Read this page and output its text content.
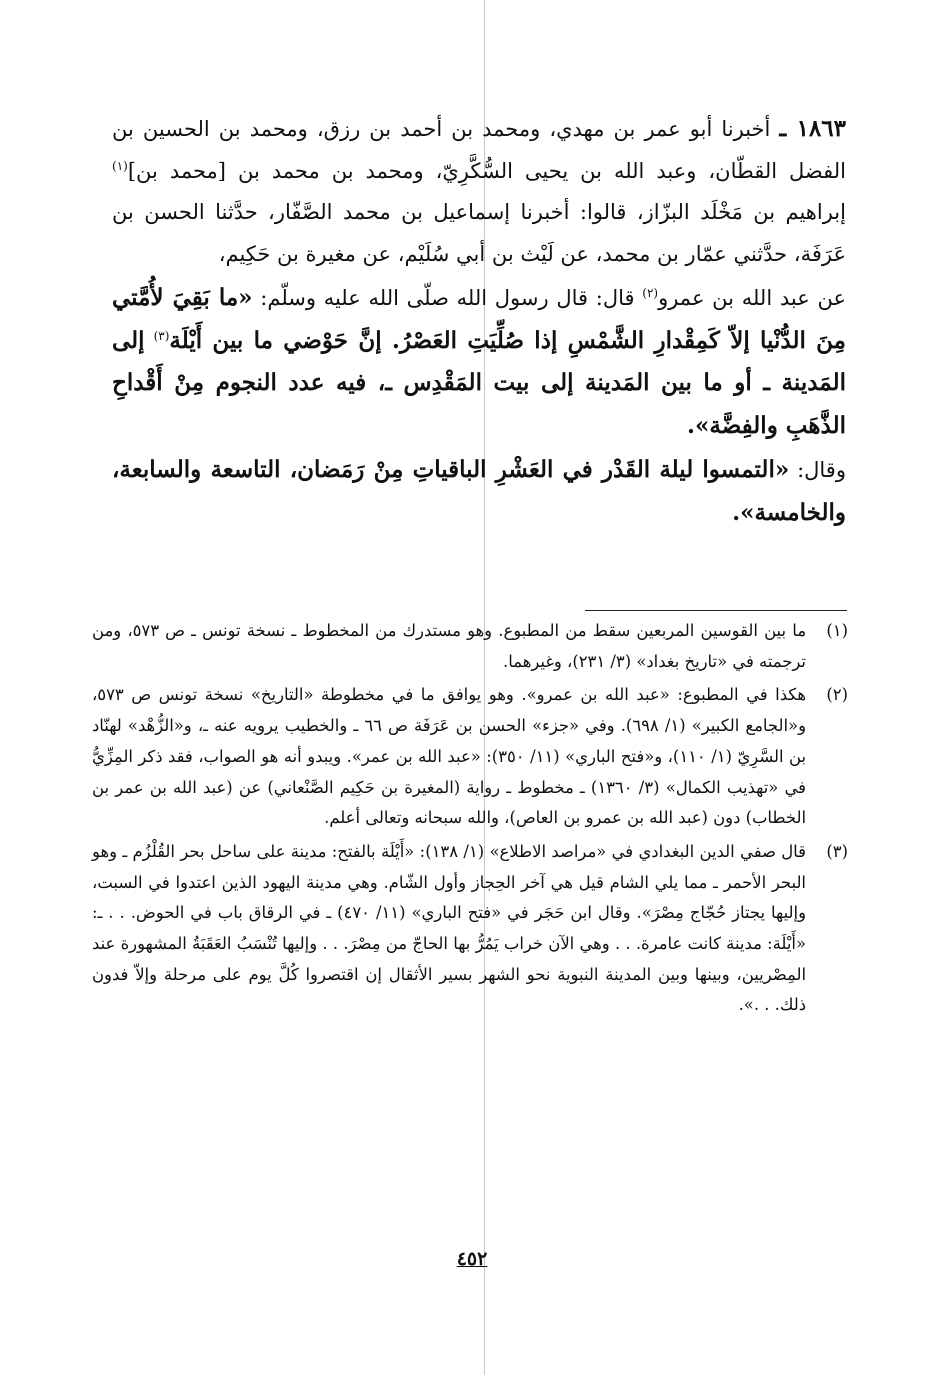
١٨٦٣ ـ أخبرنا أبو عمر بن مهدي، ومحمد بن أحمد بن رزق، ومحمد بن الحسين بن الفضل القطّان، وعبد الله بن يحيى السُّكَّرِيّ، ومحمد بن محمد بن [محمد بن]$^{(١)}$ إبراهيم بن مَخْلَد البزّاز، قالوا: أخبرنا إسماعيل بن محمد الصَّفّار، حدَّثنا الحسن بن عَرَفَة، حدَّثني عمّار بن محمد، عن لَيْث بن أبي سُلَيْم، عن مغيرة بن حَكِيم،

عن عبد الله بن عمرو$^{(٢)}$ قال: قال رسول الله صلّى الله عليه وسلّم: «ما بَقِيَ لأُمَّتي مِنَ الدُّنْيا إلاّ كَمِقْدارِ الشَّمْسِ إذا صُلِّيَتِ العَصْرُ. إنَّ حَوْضي ما بين أَيْلَة$^{(٣)}$ إلى المَدينة ـ أو ما بين المَدينة إلى بيت المَقْدِس ـ، فيه عدد النجوم مِنْ أَقْداحِ الذَّهَبِ والفِضَّة».

وقال: «التمسوا ليلة القَدْر في العَشْرِ الباقياتِ مِنْ رَمَضان، التاسعة والسابعة، والخامسة».

(١)
ما بين القوسين المربعين سقط من المطبوع. وهو مستدرك من المخطوط ـ نسخة تونس ـ ص ٥٧٣، ومن ترجمته في «تاريخ بغداد» (٣/ ٢٣١)، وغيرهما.

(٢)
هكذا في المطبوع: «عبد الله بن عمرو». وهو يوافق ما في مخطوطة «التاريخ» نسخة تونس ص ٥٧٣، و«الجامع الكبير» (١/ ٦٩٨). وفي «جزء» الحسن بن عَرَفَة ص ٦٦ ـ والخطيب يرويه عنه ـ، و«الزُّهْد» لهنّاد بن السَّرِيّ (١/ ١١٠)، و«فتح الباري» (١١/ ٣٥٠): «عبد الله بن عمر». ويبدو أنه هو الصواب، فقد ذكر المِزِّيُّ في «تهذيب الكمال» (٣/ ١٣٦٠) ـ مخطوط ـ رواية (المغيرة بن حَكِيم الصَّنْعاني) عن (عبد الله بن عمر بن الخطاب) دون (عبد الله بن عمرو بن العاص)، والله سبحانه وتعالى أعلم.

(٣)
قال صفي الدين البغدادي في «مراصد الاطلاع» (١/ ١٣٨): «أَيْلَة بالفتح: مدينة على ساحل بحر القُلْزُم ـ وهو البحر الأحمر ـ مما يلي الشام قيل هي آخر الحِجاز وأول الشّام. وهي مدينة اليهود الذين اعتدوا في السبت، وإليها يجتاز حُجّاج مِصْرَ». وقال ابن حَجَر في «فتح الباري» (١١/ ٤٧٠) ـ في الرقاق باب في الحوض. . . ـ: «أَيْلَة: مدينة كانت عامرة. . . وهي الآن خراب يَمُرُّ بها الحاجّ من مِصْرَ. . . وإليها تُنْسَبُ العَقَبَةُ المشهورة عند المِصْريين، وبينها وبين المدينة النبوية نحو الشهر بسير الأثقال إن اقتصروا كُلَّ يوم على مرحلة وإلاّ فدون ذلك. . .».

٤٥٢
